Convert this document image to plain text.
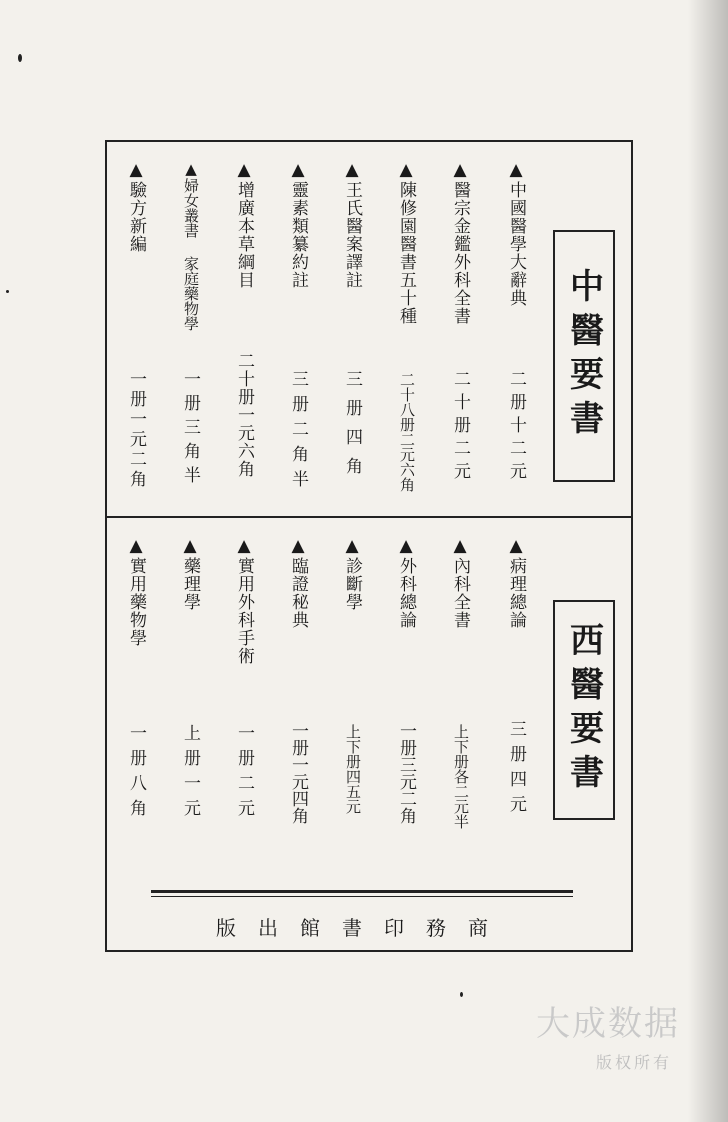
中醫要書
▲中國醫學大辭典
二册十二元
▲醫宗金鑑外科全書
二十册二元
▲陳修園醫書五十種
二十八册二元六角
▲王氏醫案譯註
三册四角
▲靈素類纂約註
三册二角半
▲增廣本草綱目
二十册一元六角
▲婦女叢書 家庭藥物學
一册三角半
▲驗方新編
一册一元二角
西醫要書
▲病理總論
三册四元
▲內科全書
上下册各二元半
▲外科總論
一册三元二角
▲診斷學
上下册四五元
▲臨證秘典
一册一元四角
▲實用外科手術
一册二元
▲藥理學
上册一元
▲實用藥物學
一册八角
商務印書館出版
大成数据
版权所有
